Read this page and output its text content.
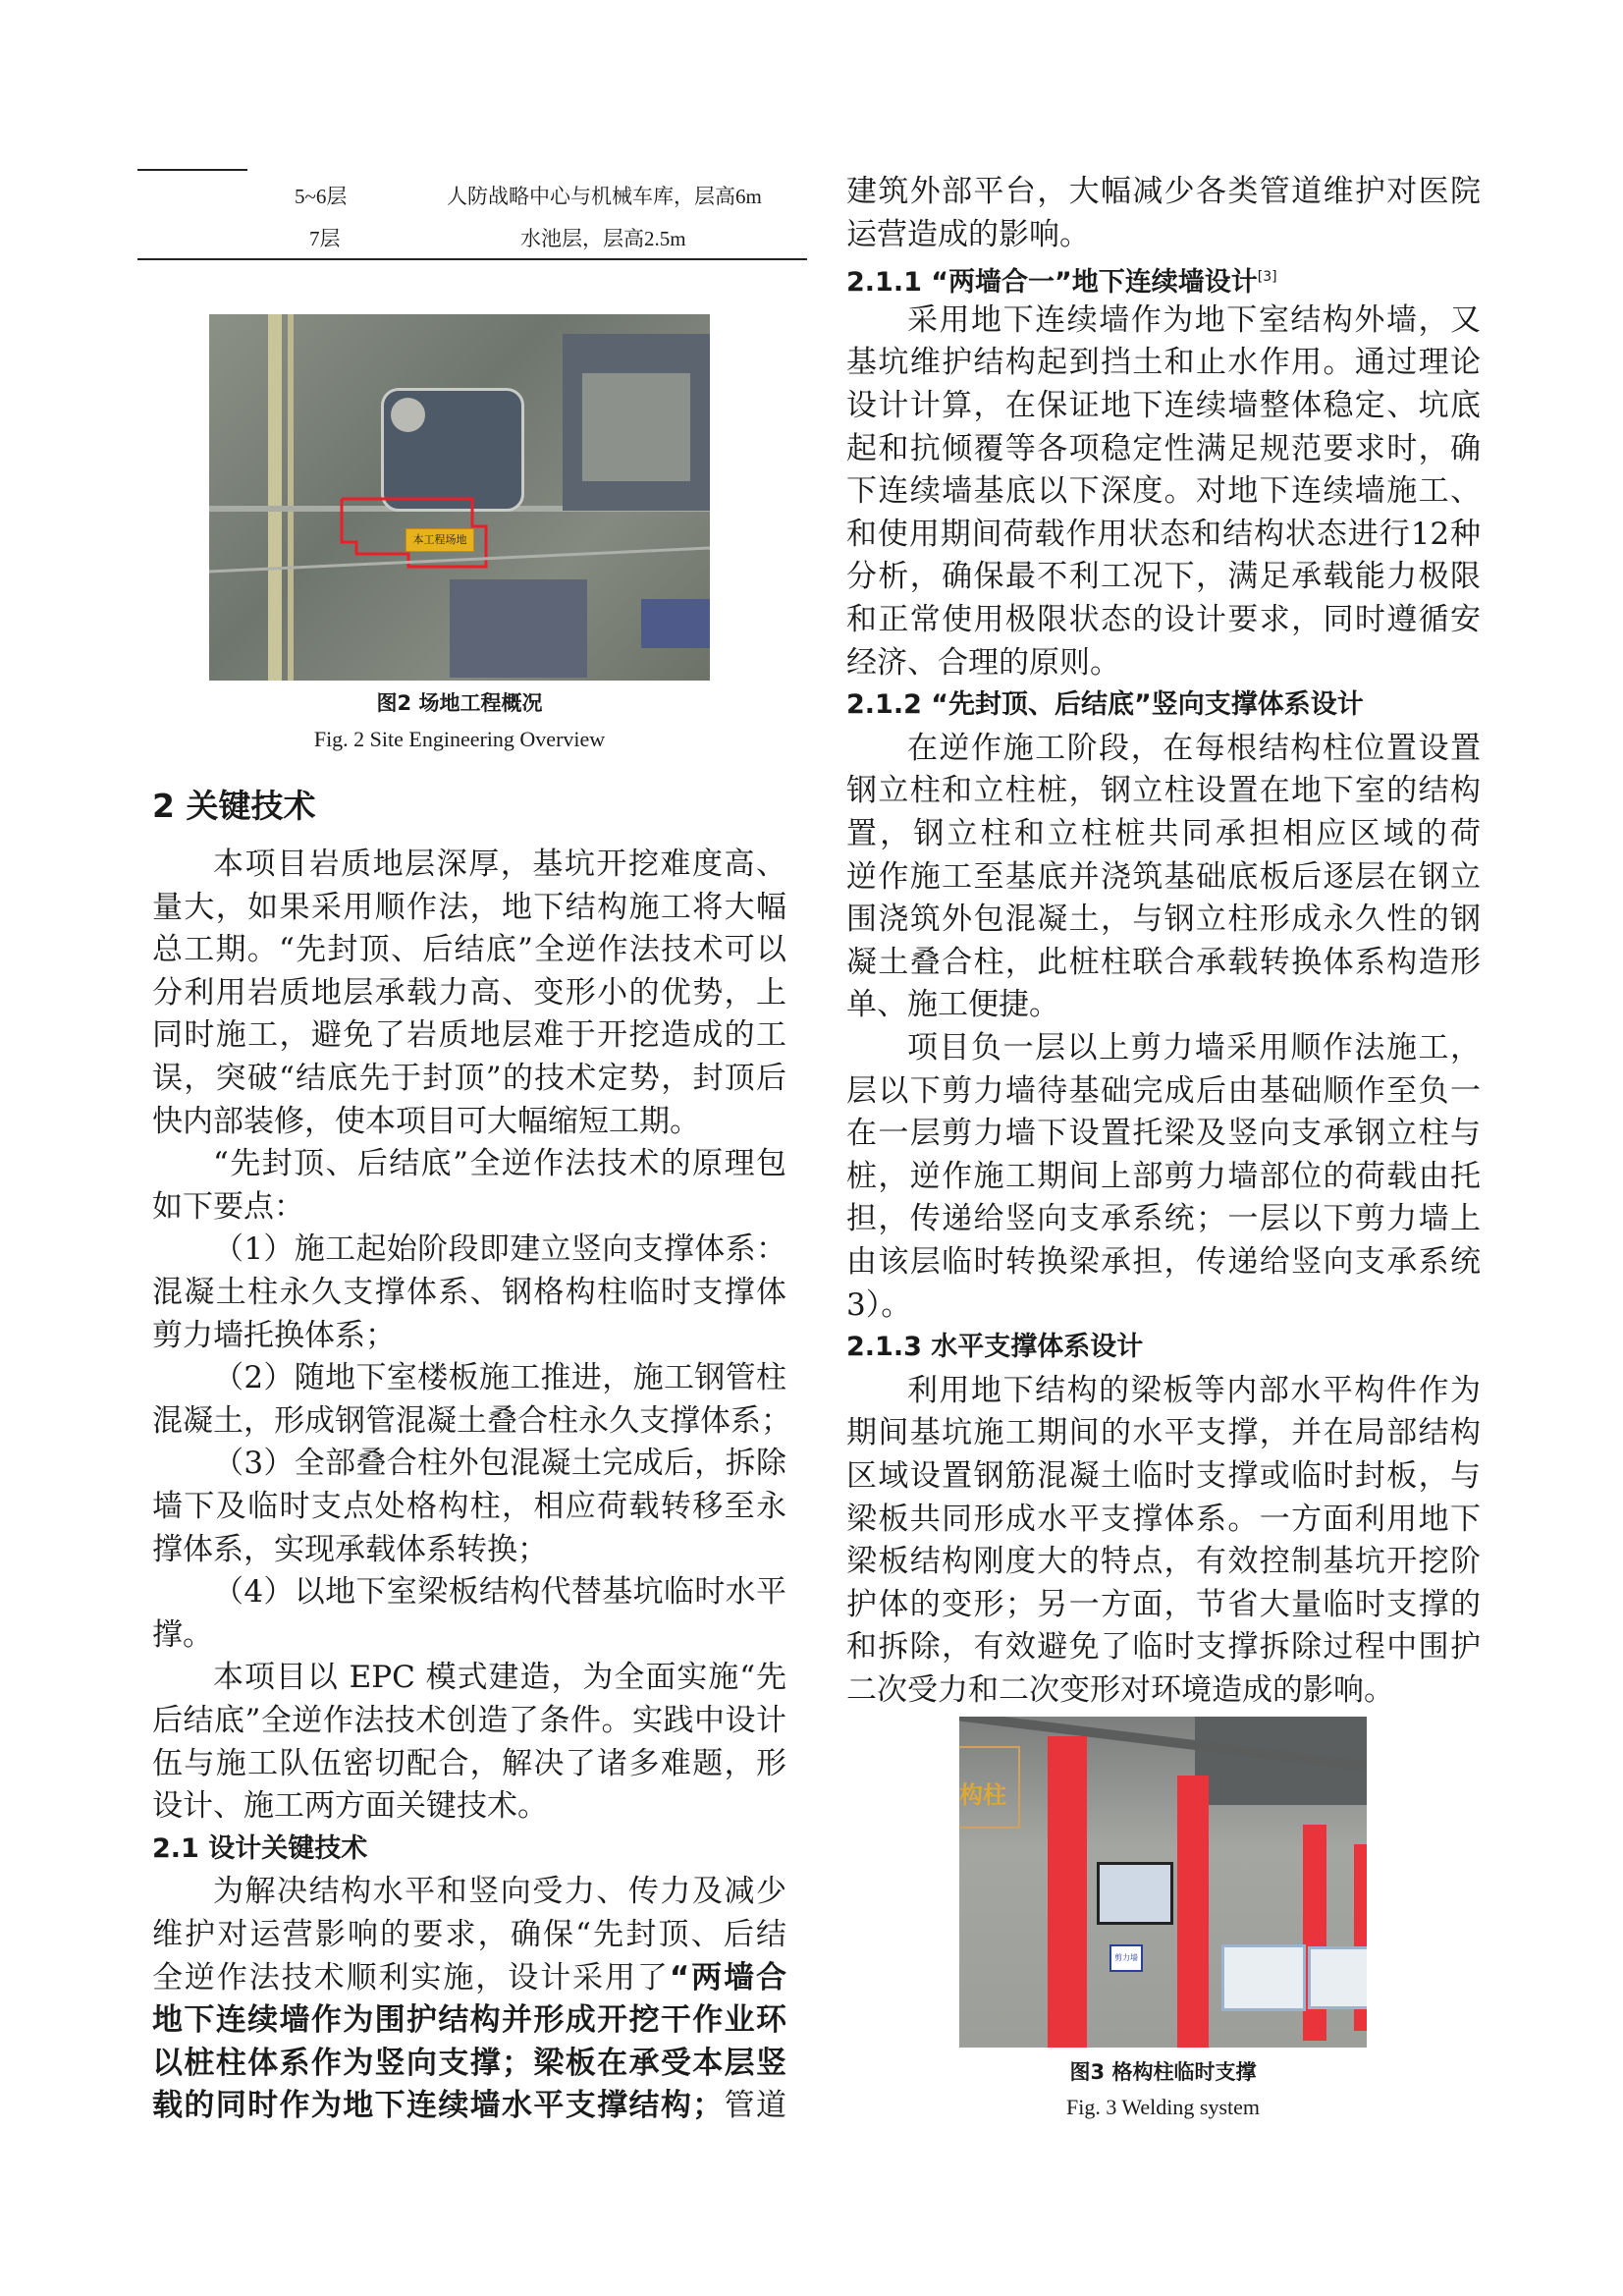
5~6层	人防战略中心与机械车库，层高6m
7层	水池层，层高2.5m
本工程场地
图2 场地工程概况
Fig. 2 Site Engineering Overview
2 关键技术
本项目岩质地层深厚，基坑开挖难度高、
量大，如果采用顺作法，地下结构施工将大幅
总工期。“先封顶、后结底”全逆作法技术可以
分利用岩质地层承载力高、变形小的优势，上
同时施工，避免了岩质地层难于开挖造成的工
误，突破“结底先于封顶”的技术定势，封顶后
快内部装修，使本项目可大幅缩短工期。
“先封顶、后结底”全逆作法技术的原理包
如下要点：
（1）施工起始阶段即建立竖向支撑体系：
混凝土柱永久支撑体系、钢格构柱临时支撑体
剪力墙托换体系；
（2）随地下室楼板施工推进，施工钢管柱
混凝土，形成钢管混凝土叠合柱永久支撑体系；
（3）全部叠合柱外包混凝土完成后，拆除
墙下及临时支点处格构柱，相应荷载转移至永
撑体系，实现承载体系转换；
（4）以地下室梁板结构代替基坑临时水平
撑。
本项目以 EPC 模式建造，为全面实施“先
后结底”全逆作法技术创造了条件。实践中设计
伍与施工队伍密切配合，解决了诸多难题，形
设计、施工两方面关键技术。
2.1 设计关键技术
为解决结构水平和竖向受力、传力及减少
维护对运营影响的要求，确保“先封顶、后结
全逆作法技术顺利实施，设计采用了“两墙合
地下连续墙作为围护结构并形成开挖干作业环
以桩柱体系作为竖向支撑；梁板在承受本层竖
载的同时作为地下连续墙水平支撑结构；管道
建筑外部平台，大幅减少各类管道维护对医院
运营造成的影响。
2.1.1 “两墙合一”地下连续墙设计[3]
采用地下连续墙作为地下室结构外墙，又
基坑维护结构起到挡土和止水作用。通过理论
设计计算，在保证地下连续墙整体稳定、坑底
起和抗倾覆等各项稳定性满足规范要求时，确
下连续墙基底以下深度。对地下连续墙施工、
和使用期间荷载作用状态和结构状态进行12种
分析，确保最不利工况下，满足承载能力极限
和正常使用极限状态的设计要求，同时遵循安
经济、合理的原则。
2.1.2 “先封顶、后结底”竖向支撑体系设计
在逆作施工阶段，在每根结构柱位置设置
钢立柱和立柱桩，钢立柱设置在地下室的结构
置，钢立柱和立柱桩共同承担相应区域的荷
逆作施工至基底并浇筑基础底板后逐层在钢立
围浇筑外包混凝土，与钢立柱形成永久性的钢
凝土叠合柱，此桩柱联合承载转换体系构造形
单、施工便捷。
项目负一层以上剪力墙采用顺作法施工，
层以下剪力墙待基础完成后由基础顺作至负一
在一层剪力墙下设置托梁及竖向支承钢立柱与
桩，逆作施工期间上部剪力墙部位的荷载由托
担，传递给竖向支承系统；一层以下剪力墙上
由该层临时转换梁承担，传递给竖向支承系统
3）。
2.1.3 水平支撑体系设计
利用地下结构的梁板等内部水平构件作为
期间基坑施工期间的水平支撑，并在局部结构
区域设置钢筋混凝土临时支撑或临时封板，与
梁板共同形成水平支撑体系。一方面利用地下
梁板结构刚度大的特点，有效控制基坑开挖阶
护体的变形；另一方面，节省大量临时支撑的
和拆除，有效避免了临时支撑拆除过程中围护
二次受力和二次变形对环境造成的影响。
构柱
剪力墙
图3 格构柱临时支撑
Fig. 3 Welding system
